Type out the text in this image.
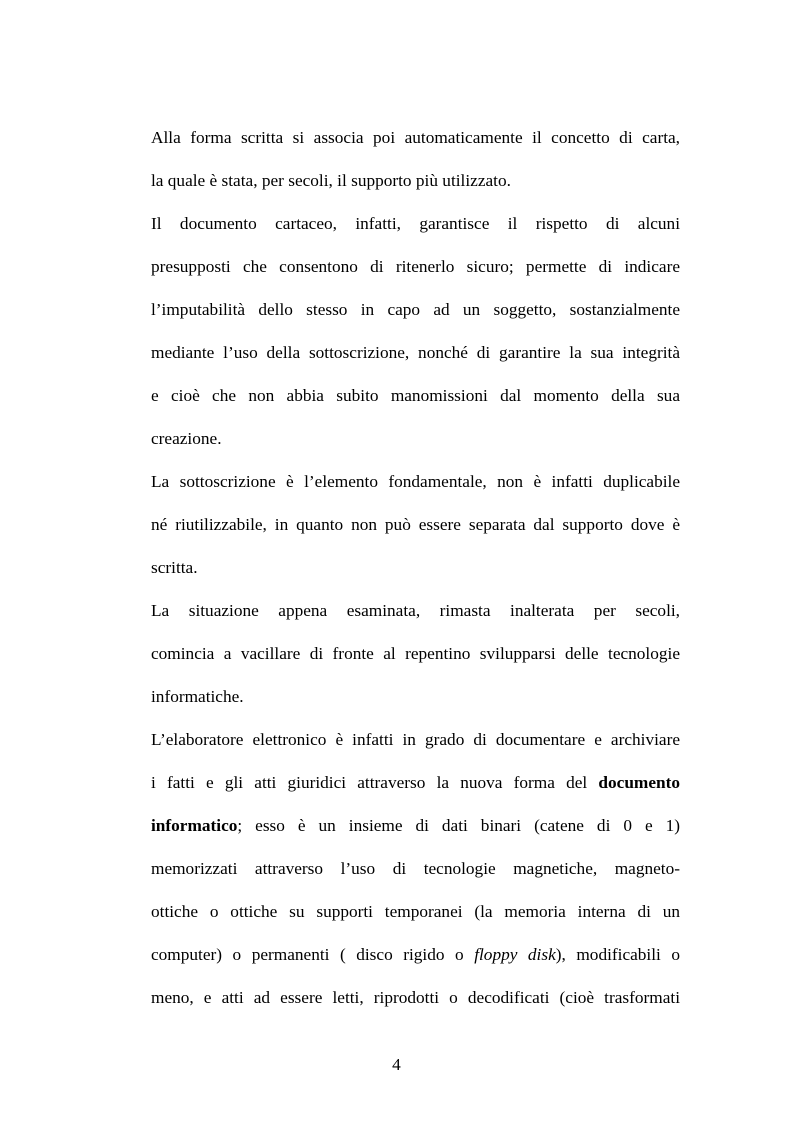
Alla forma scritta si associa poi automaticamente il concetto di carta,
la quale è stata, per secoli, il supporto più utilizzato.

Il documento cartaceo, infatti, garantisce il rispetto di alcuni
presupposti che consentono di ritenerlo sicuro; permette di indicare
l’imputabilità dello stesso in capo ad un soggetto, sostanzialmente
mediante l’uso della sottoscrizione, nonché di garantire la sua integrità
e cioè che non abbia subito manomissioni dal momento della sua
creazione.

La sottoscrizione è l’elemento fondamentale, non è infatti duplicabile
né riutilizzabile, in quanto non può essere separata dal supporto dove è
scritta.

La situazione appena esaminata, rimasta inalterata per secoli,
comincia a vacillare di fronte al repentino svilupparsi delle tecnologie
informatiche.

L’elaboratore elettronico è infatti in grado di documentare e archiviare
i fatti e gli atti giuridici attraverso la nuova forma del documento
informatico; esso è un insieme di dati binari (catene di 0 e 1)
memorizzati attraverso l’uso di tecnologie magnetiche, magneto-
ottiche o ottiche su supporti temporanei (la memoria interna di un
computer) o permanenti ( disco rigido o floppy disk), modificabili o
meno, e atti ad essere letti, riprodotti o decodificati (cioè trasformati

4
